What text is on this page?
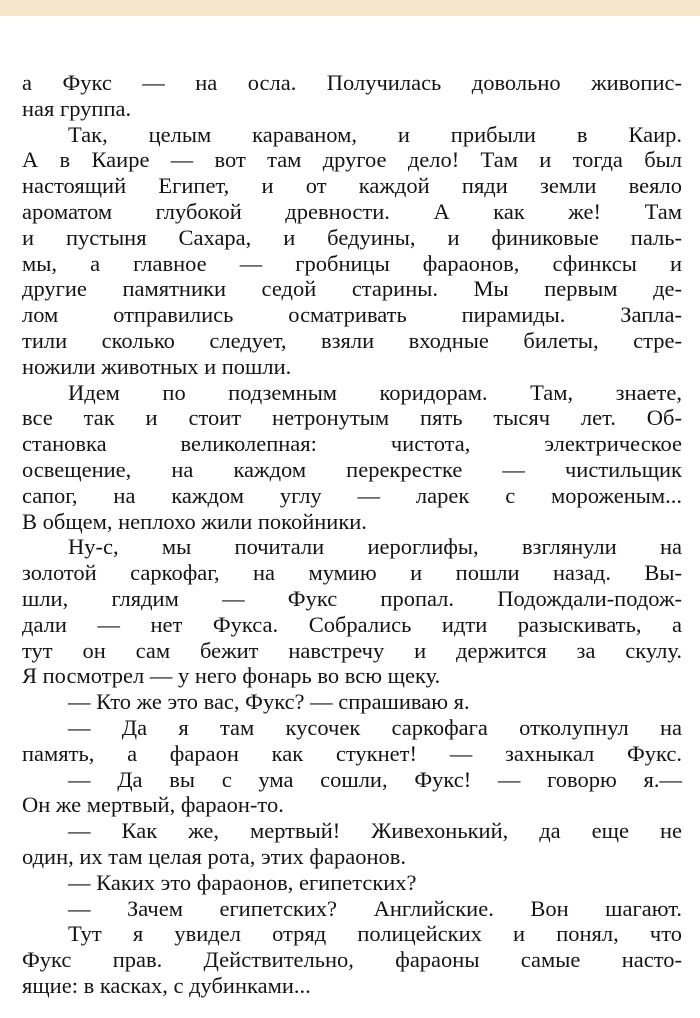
а Фукс — на осла. Получилась довольно живопис-
ная группа.
Так, целым караваном, и прибыли в Каир.
А в Каире — вот там другое дело! Там и тогда был
настоящий Египет, и от каждой пяди земли веяло
ароматом глубокой древности. А как же! Там
и пустыня Сахара, и бедуины, и финиковые паль-
мы, а главное — гробницы фараонов, сфинксы и
другие памятники седой старины. Мы первым де-
лом отправились осматривать пирамиды. Запла-
тили сколько следует, взяли входные билеты, стре-
ножили животных и пошли.
Идем по подземным коридорам. Там, знаете,
все так и стоит нетронутым пять тысяч лет. Об-
становка великолепная: чистота, электрическое
освещение, на каждом перекрестке — чистильщик
сапог, на каждом углу — ларек с мороженым...
В общем, неплохо жили покойники.
Ну-с, мы почитали иероглифы, взглянули на
золотой саркофаг, на мумию и пошли назад. Вы-
шли, глядим — Фукс пропал. Подождали-подож-
дали — нет Фукса. Собрались идти разыскивать, а
тут он сам бежит навстречу и держится за скулу.
Я посмотрел — у него фонарь во всю щеку.
— Кто же это вас, Фукс? — спрашиваю я.
— Да я там кусочек саркофага отколупнул на
память, а фараон как стукнет! — захныкал Фукс.
— Да вы с ума сошли, Фукс! — говорю я.—
Он же мертвый, фараон-то.
— Как же, мертвый! Живехонький, да еще не
один, их там целая рота, этих фараонов.
— Каких это фараонов, египетских?
— Зачем египетских? Английские. Вон шагают.
Тут я увидел отряд полицейских и понял, что
Фукс прав. Действительно, фараоны самые насто-
ящие: в касках, с дубинками...
